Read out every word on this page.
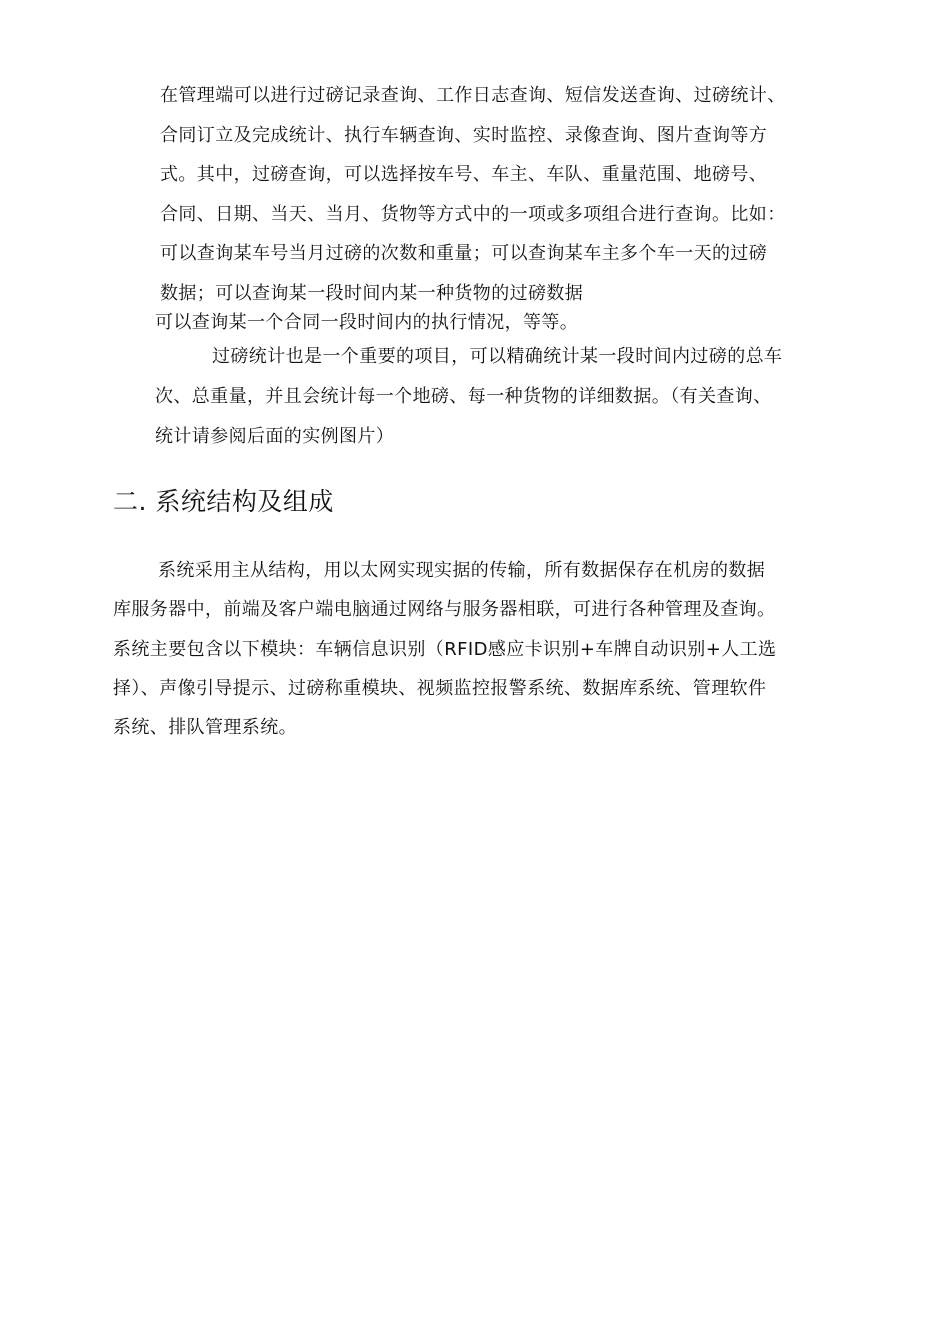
在管理端可以进行过磅记录查询、工作日志查询、短信发送查询、过磅统计、
合同订立及完成统计、执行车辆查询、实时监控、录像查询、图片查询等方
式。其中，过磅查询，可以选择按车号、车主、车队、重量范围、地磅号、
合同、日期、当天、当月、货物等方式中的一项或多项组合进行查询。比如：
可以查询某车号当月过磅的次数和重量；可以查询某车主多个车一天的过磅
数据；可以查询某一段时间内某一种货物的过磅数据
可以查询某一个合同一段时间内的执行情况，等等。
过磅统计也是一个重要的项目，可以精确统计某一段时间内过磅的总车
次、总重量，并且会统计每一个地磅、每一种货物的详细数据。（有关查询、
统计请参阅后面的实例图片）
二. 系统结构及组成
系统采用主从结构，用以太网实现实据的传输，所有数据保存在机房的数据
库服务器中，前端及客户端电脑通过网络与服务器相联，可进行各种管理及查询。
系统主要包含以下模块：车辆信息识别（RFID感应卡识别+车牌自动识别+人工选
择）、声像引导提示、过磅称重模块、视频监控报警系统、数据库系统、管理软件
系统、排队管理系统。
